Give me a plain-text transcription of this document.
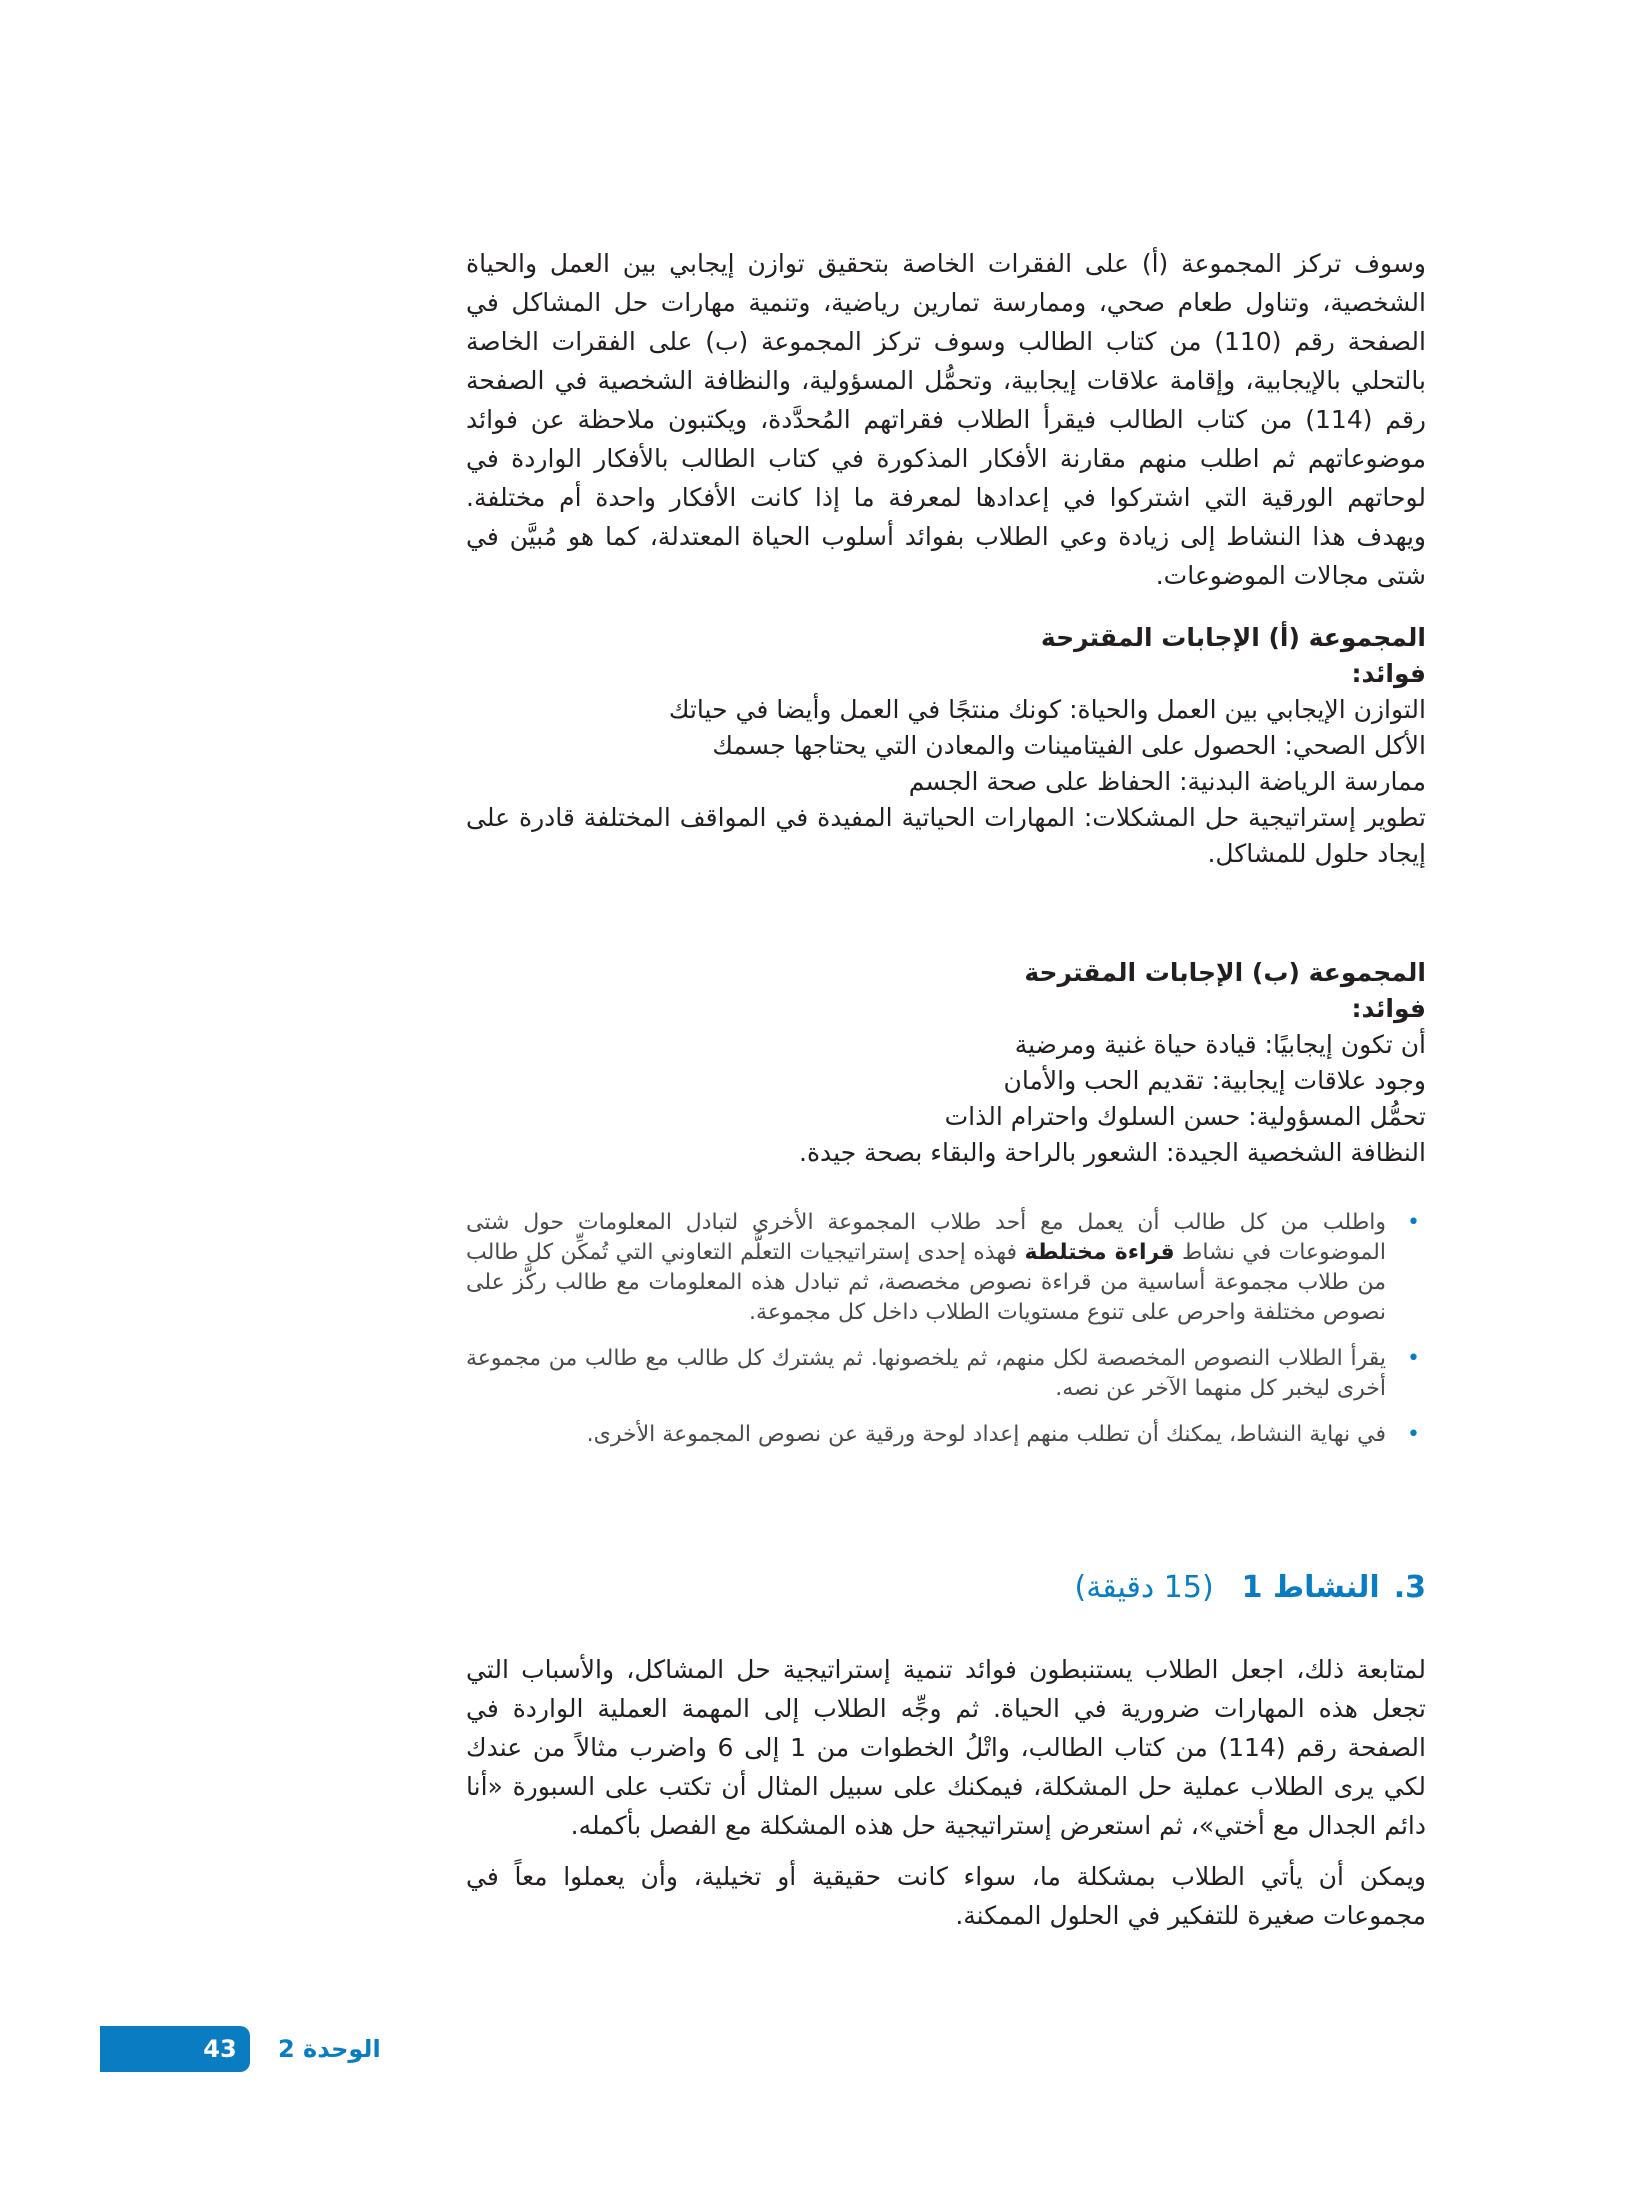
وسوف تركز المجموعة (أ) على الفقرات الخاصة بتحقيق توازن إيجابي بين العمل والحياة الشخصية، وتناول طعام صحي، وممارسة تمارين رياضية، وتنمية مهارات حل المشاكل في الصفحة رقم (110) من كتاب الطالب وسوف تركز المجموعة (ب) على الفقرات الخاصة بالتحلي بالإيجابية، وإقامة علاقات إيجابية، وتحمُّل المسؤولية، والنظافة الشخصية في الصفحة رقم (114) من كتاب الطالب فيقرأ الطلاب فقراتهم المُحدَّدة، ويكتبون ملاحظة عن فوائد موضوعاتهم ثم اطلب منهم مقارنة الأفكار المذكورة في كتاب الطالب بالأفكار الواردة في لوحاتهم الورقية التي اشتركوا في إعدادها لمعرفة ما إذا كانت الأفكار واحدة أم مختلفة. ويهدف هذا النشاط إلى زيادة وعي الطلاب بفوائد أسلوب الحياة المعتدلة، كما هو مُبيَّن في شتى مجالات الموضوعات.

المجموعة (أ) الإجابات المقترحة

فوائد:

التوازن الإيجابي بين العمل والحياة: كونك منتجًا في العمل وأيضا في حياتك

الأكل الصحي: الحصول على الفيتامينات والمعادن التي يحتاجها جسمك

ممارسة الرياضة البدنية: الحفاظ على صحة الجسم

تطوير إستراتيجية حل المشكلات: المهارات الحياتية المفيدة في المواقف المختلفة قادرة على إيجاد حلول للمشاكل.

المجموعة (ب) الإجابات المقترحة

فوائد:

أن تكون إيجابيًا: قيادة حياة غنية ومرضية

وجود علاقات إيجابية: تقديم الحب والأمان

تحمُّل المسؤولية: حسن السلوك واحترام الذات

النظافة الشخصية الجيدة: الشعور بالراحة والبقاء بصحة جيدة.

•
واطلب من كل طالب أن يعمل مع أحد طلاب المجموعة الأخرى لتبادل المعلومات حول شتى الموضوعات في نشاط قراءة مختلطة فهذه إحدى إستراتيجيات التعلُّم التعاوني التي تُمكِّن كل طالب من طلاب مجموعة أساسية من قراءة نصوص مخصصة، ثم تبادل هذه المعلومات مع طالب ركَّز على نصوص مختلفة واحرص على تنوع مستويات الطلاب داخل كل مجموعة.
•
يقرأ الطلاب النصوص المخصصة لكل منهم، ثم يلخصونها. ثم يشترك كل طالب مع طالب من مجموعة أخرى ليخبر كل منهما الآخر عن نصه.
•
في نهاية النشاط، يمكنك أن تطلب منهم إعداد لوحة ورقية عن نصوص المجموعة الأخرى.
3.النشاط 1(15 دقيقة)

لمتابعة ذلك، اجعل الطلاب يستنبطون فوائد تنمية إستراتيجية حل المشاكل، والأسباب التي تجعل هذه المهارات ضرورية في الحياة. ثم وجِّه الطلاب إلى المهمة العملية الواردة في الصفحة رقم (114) من كتاب الطالب، واتْلُ الخطوات من 1 إلى 6 واضرب مثالاً من عندك لكي يرى الطلاب عملية حل المشكلة، فيمكنك على سبيل المثال أن تكتب على السبورة «أنا دائم الجدال مع أختي»، ثم استعرض إستراتيجية حل هذه المشكلة مع الفصل بأكمله.

ويمكن أن يأتي الطلاب بمشكلة ما، سواء كانت حقيقية أو تخيلية، وأن يعملوا معاً في مجموعات صغيرة للتفكير في الحلول الممكنة.

43 الوحدة 2
